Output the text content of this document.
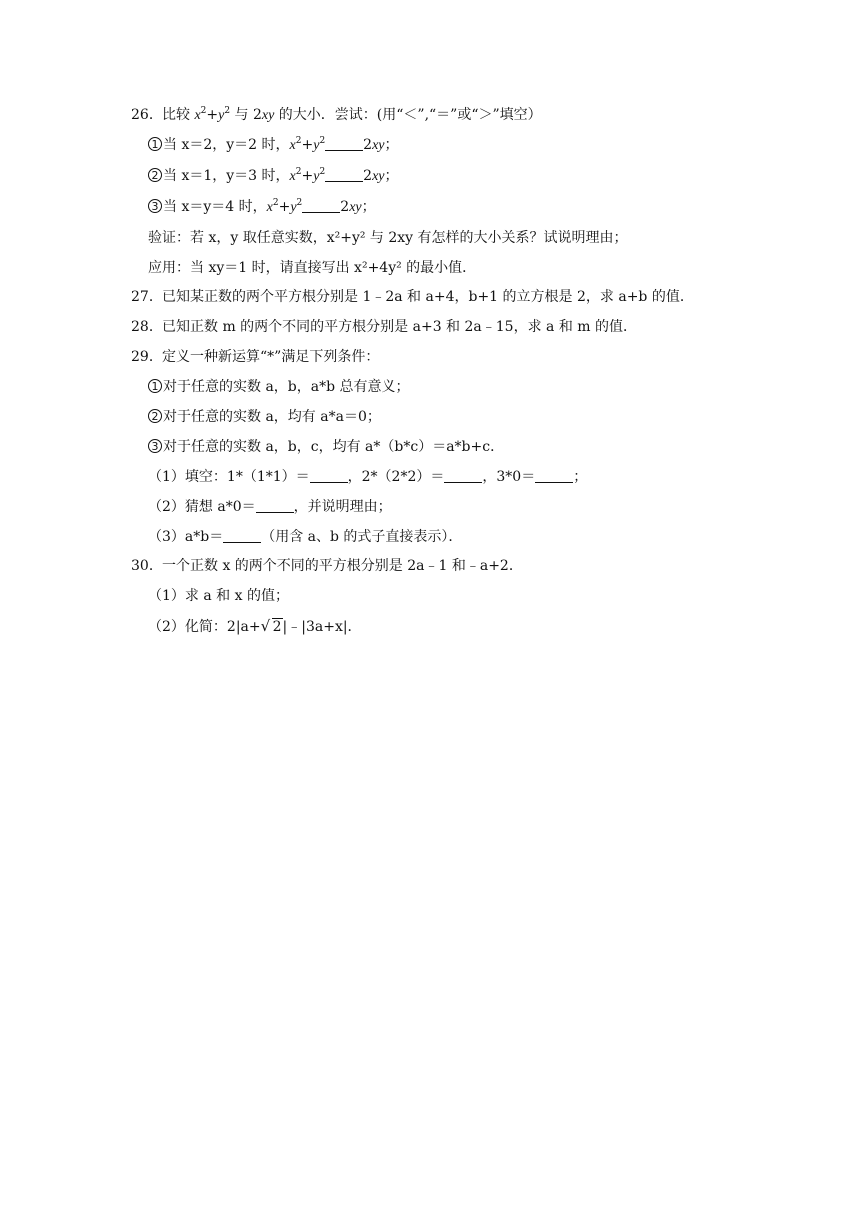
26． 比较 $x^2+y^2$ 与 2xy 的大小．尝试：(用“＜”,“＝”或“＞”填空）
1 当 x＝2，y＝2 时，$x^2+y^2$	2xy；
2 当 x＝1，y＝3 时，$x^2+y^2$	2xy；
3 当 x＝y＝4 时，$x^2+y^2$	2xy；
验证：若 x，y 取任意实数，x²+y² 与 2xy 有怎样的大小关系？试说明理由；
应用：当 xy＝1 时，请直接写出 x²+4y² 的最小值．
27． 已知某正数的两个平方根分别是 1﹣2a 和 a+4，b+1 的立方根是 2，求 a+b 的值．
28． 已知正数 m 的两个不同的平方根分别是 a+3 和 2a﹣15，求 a 和 m 的值．
29． 定义一种新运算“*”满足下列条件：
1 对于任意的实数 a，b，a*b 总有意义；
2 对于任意的实数 a，均有 a*a＝0；
3 对于任意的实数 a，b，c，均有 a*（b*c）＝a*b+c．
（1）填空：1*（1*1）＝	，2*（2*2）＝	，3*0＝	；
（2）猜想 a*0＝	，并说明理由；
（3）a*b＝	（用含 a、b 的式子直接表示）．
30． 一个正数 x 的两个不同的平方根分别是 2a﹣1 和﹣a+2．
（1）求 a 和 x 的值；
（2）化简：2|a+ √ 2|﹣|3a+x|．
